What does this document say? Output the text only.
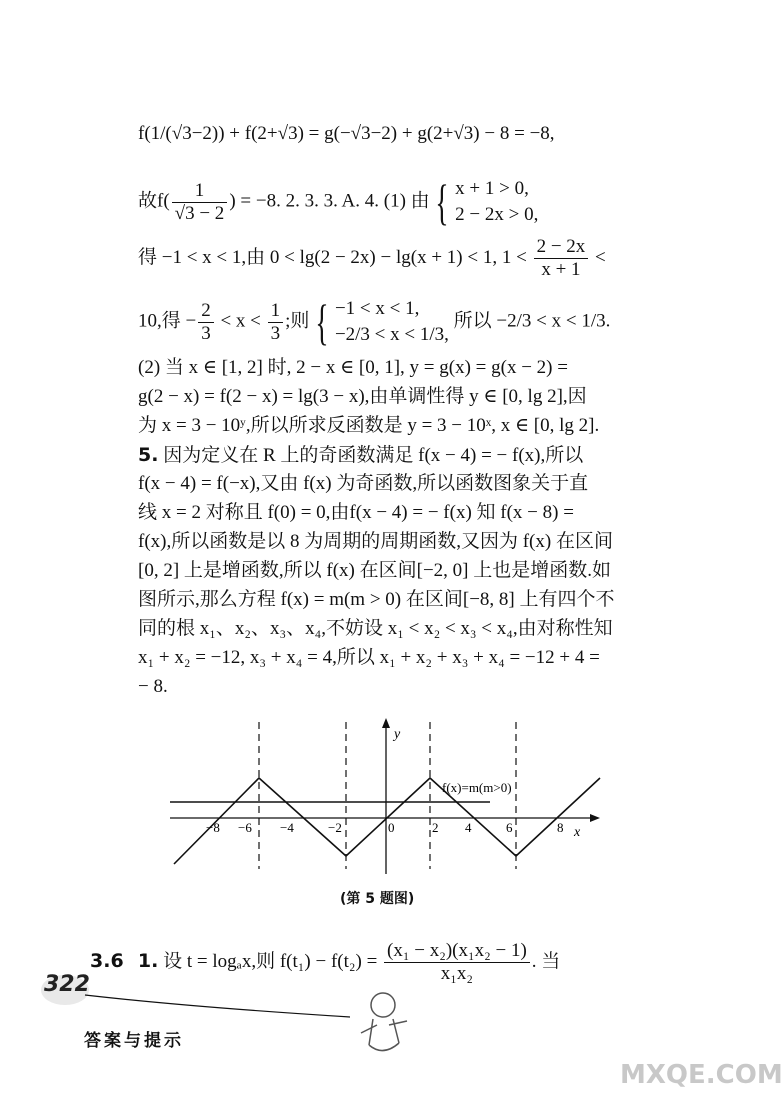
f(1/(√3−2)) + f(2+√3) = g(−√3−2) + g(2+√3) − 8 = −8,
故$f( \frac{1}{√3 - 2}$ ) = −8. 2. 3. 3. A. 4. (1) 由 { x + 1 > 0,
2 − 2x > 0,
得 −1 < x < 1,由 0 < lg(2 − 2x) − lg(x + 1) < 1, $1 < \frac{2 - 2x}{x + 1}$ <
10,得 − $\frac{2}{3} < x < \frac{1}{3}$ ;则 { −1 < x < 1,
−2/3 < x < 1/3,
所以 −2/3 < x < 1/3.
(2) 当 x ∈ [1, 2] 时, 2 − x ∈ [0, 1], y = g(x) = g(x − 2) =
g(2 − x) = f(2 − x) = lg(3 − x),由单调性得 y ∈ [0, lg 2],因
为 x = 3 − 10ʸ,所以所求反函数是 y = 3 − 10ˣ, x ∈ [0, lg 2].
5. 因为定义在 R 上的奇函数满足 f(x − 4) = − f(x),所以
f(x − 4) = f(−x),又由 f(x) 为奇函数,所以函数图象关于直
线 x = 2 对称且 f(0) = 0,由f(x − 4) = − f(x) 知 f(x − 8) =
f(x),所以函数是以 8 为周期的周期函数,又因为 f(x) 在区间
[0, 2] 上是增函数,所以 f(x) 在区间[−2, 0] 上也是增函数.如
图所示,那么方程 f(x) = m(m > 0) 在区间[−8, 8] 上有四个不
同的根 x₁、x₂、x₃、x₄,不妨设 x₁ < x₂ < x₃ < x₄,由对称性知
x₁ + x₂ = −12, x₃ + x₄ = 4,所以 x₁ + x₂ + x₃ + x₄ = −12 + 4 =
− 8.
y
x
f(x)=m(m>0)
−8 −6 −4	−2	0	2 4	6	8
(第 5 题图)
3.6 1. 设 t = logₐx,则 $f(t_1) - f(t_2) = \frac{\text{(x₁ − x₂)(x₁x₂ − 1)}}{\text{x₁x₂}}$ . 当
322
答案与提示
MXQE.COM
